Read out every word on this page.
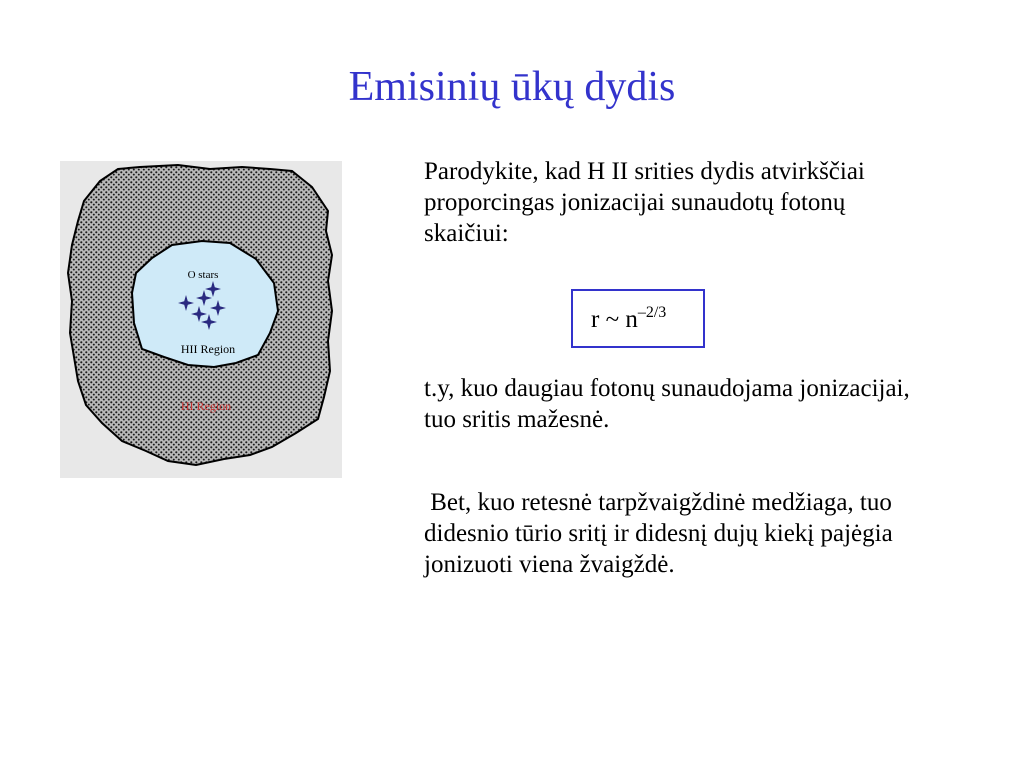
Emisinių ūkų dydis
O stars
HII Region
HI Region
Parodykite, kad H II srities dydis atvirkščiai proporcingas jonizacijai sunaudotų fotonų skaičiui:
r ~ $n^{-2/3}$
t.y, kuo daugiau fotonų sunaudojama jonizacijai, tuo sritis mažesnė.
Bet, kuo retesnė tarpžvaigždinė medžiaga, tuo didesnio tūrio sritį ir didesnį dujų kiekį pajėgia jonizuoti viena žvaigždė.
